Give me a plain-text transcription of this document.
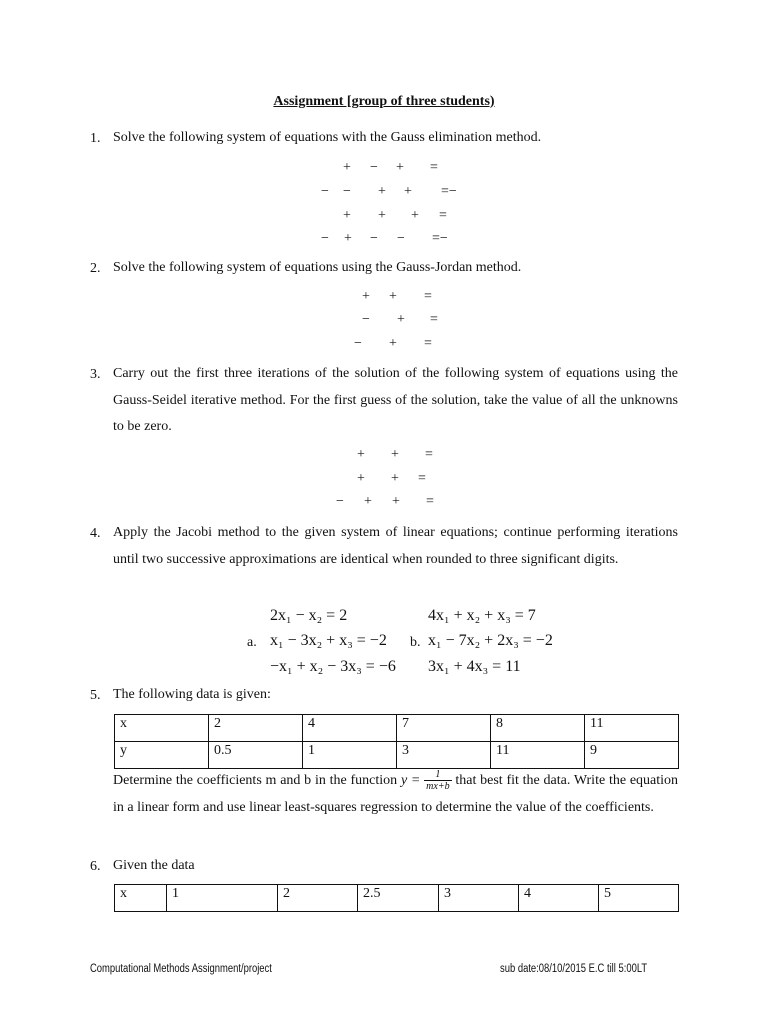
Assignment [group of three students)
1. Solve the following system of equations with the Gauss elimination method.
+ − + =
− − + + =−
+ + + =
− + − − =−
2. Solve the following system of equations using the Gauss-Jordan method.
+ + =
− + =
− + =
3. Carry out the first three iterations of the solution of the following system of equations using the Gauss-Seidel iterative method. For the first guess of the solution, take the value of all the unknowns to be zero.
+ + =
+ + =
− + + =
4. Apply the Jacobi method to the given system of linear equations; continue performing iterations until two successive approximations are identical when rounded to three significant digits.
2x₁ − x₂ = 2
x₁ − 3x₂ + x₃ = −2
−x₁ + x₂ − 3x₃ = −6
a.
4x₁ + x₂ + x₃ = 7
x₁ − 7x₂ + 2x₃ = −2
3x₁ + 4x₃ = 11
b.
5. The following data is given:
x	2	4	7	8	11
y	0.5	1	3	11	9
Determine the coefficients m and b in the function $y = \frac{1}{mx+b}$ that best fit the data. Write the equation in a linear form and use linear least-squares regression to determine the value of the coefficients.
6. Given the data
x	1	2	2.5	3	4	5
Computational Methods Assignment/project	sub date:08/10/2015 E.C till 5:00LT
